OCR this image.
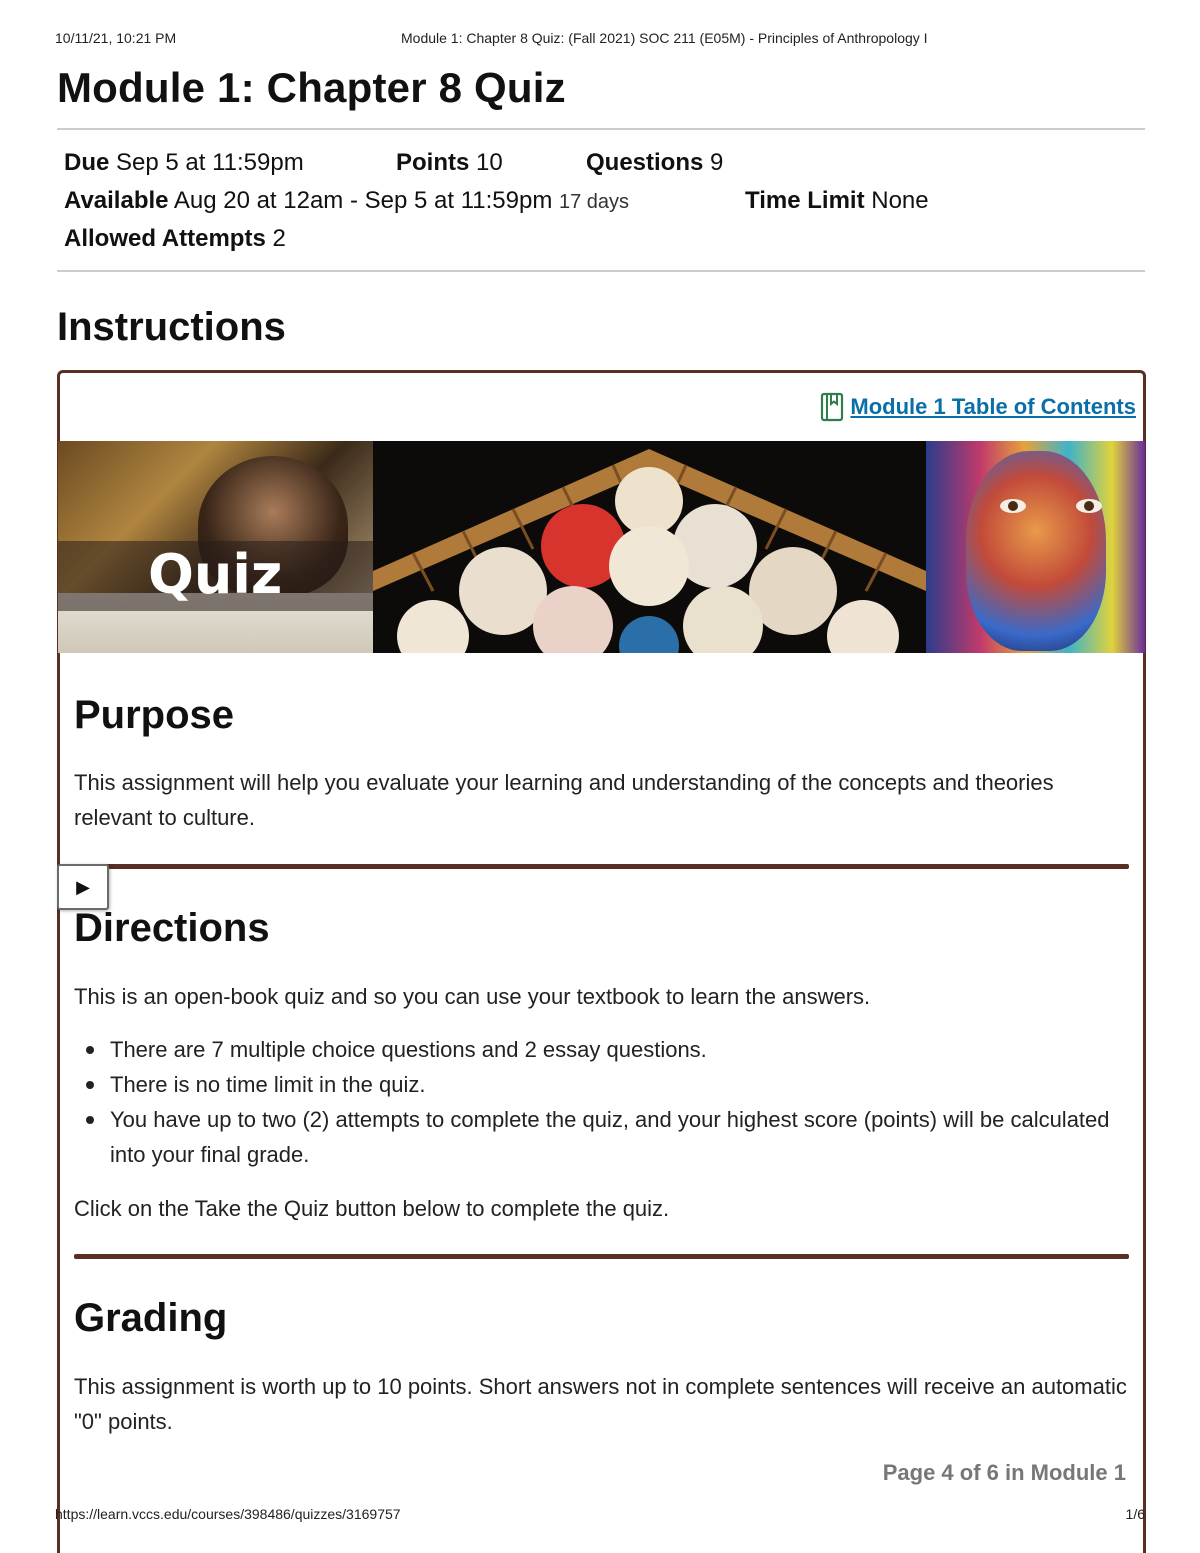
10/11/21, 10:21 PM	Module 1: Chapter 8 Quiz: (Fall 2021) SOC 211 (E05M) - Principles of Anthropology I
Module 1: Chapter 8 Quiz
Due Sep 5 at 11:59pm	Points 10	Questions 9
Available Aug 20 at 12am - Sep 5 at 11:59pm 17 days	Time Limit None
Allowed Attempts 2
Instructions
Module 1 Table of Contents
Quiz
Purpose

This assignment will help you evaluate your learning and understanding of the concepts and theories relevant to culture.

▶
Directions

This is an open-book quiz and so you can use your textbook to learn the answers.

There are 7 multiple choice questions and 2 essay questions.
There is no time limit in the quiz.
You have up to two (2) attempts to complete the quiz, and your highest score (points) will be calculated into your final grade.

Click on the Take the Quiz button below to complete the quiz.

Grading

This assignment is worth up to 10 points. Short answers not in complete sentences will receive an automatic "0" points.

Page 4 of 6 in Module 1
https://learn.vccs.edu/courses/398486/quizzes/3169757	1/6
